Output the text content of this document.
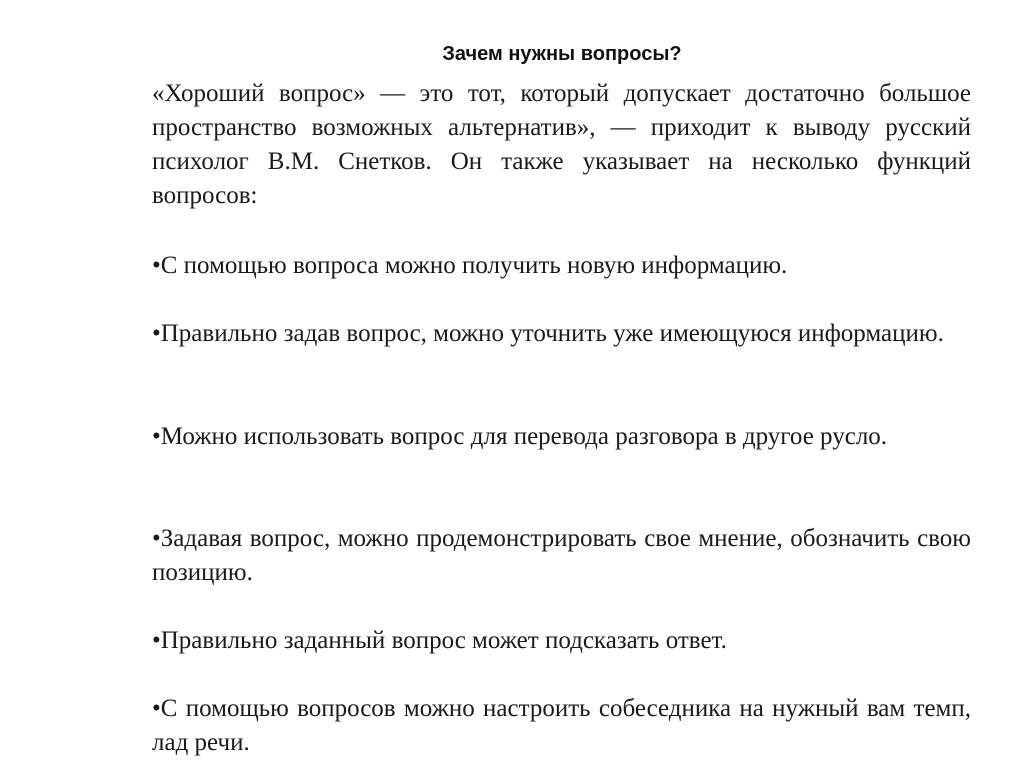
Зачем нужны вопросы?

«Хороший вопрос» — это тот, который допускает достаточно большое пространство возможных альтернатив», — приходит к выводу русский психолог В.М. Снетков. Он также указывает на несколько функций вопросов:

•С помощью вопроса можно получить новую информацию.

•Правильно задав вопрос, можно уточнить уже имеющуюся информацию.

•Можно использовать вопрос для перевода разговора в другое русло.

•Задавая вопрос, можно продемонстрировать свое мнение, обозначить свою позицию.

•Правильно заданный вопрос может подсказать ответ.

•С помощью вопросов можно настроить собеседника на нужный вам темп, лад речи.
